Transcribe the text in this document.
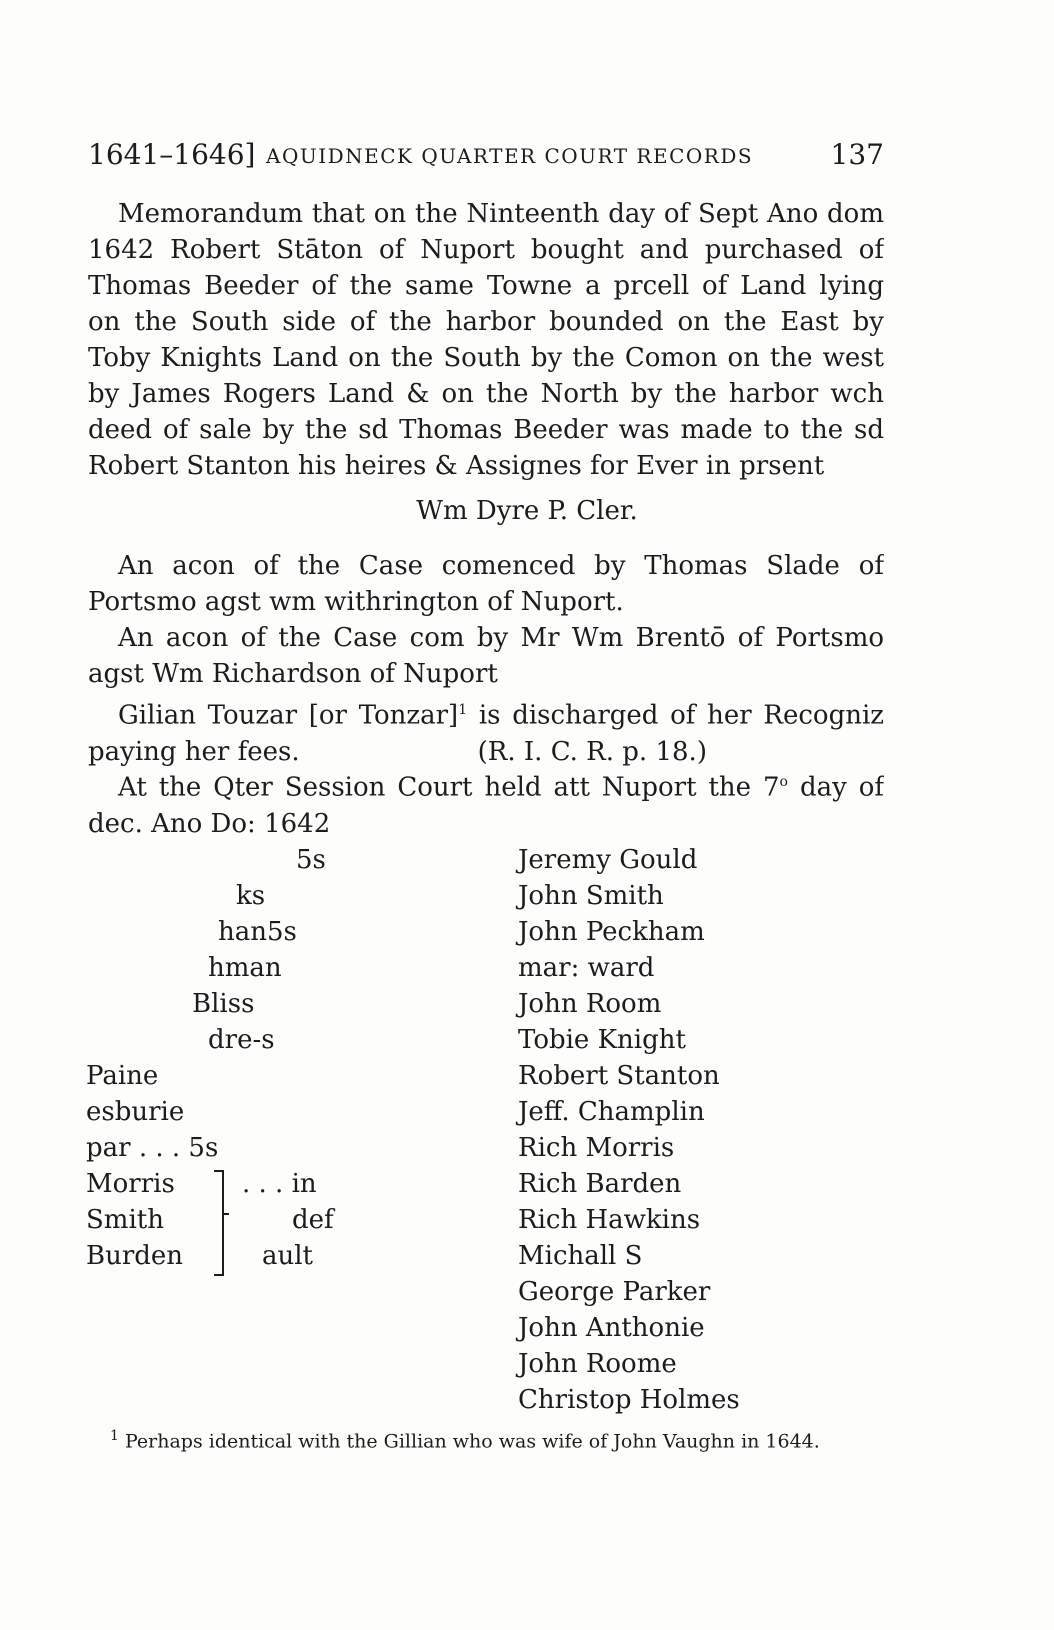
1641–1646] AQUIDNECK QUARTER COURT RECORDS	137
Memorandum that on the Ninteenth day of Sept Ano dom
1642 Robert Stāton of Nuport bought and purchased of
Thomas Beeder of the same Towne a prcell of Land lying
on the South side of the harbor bounded on the East by
Toby Knights Land on the South by the Comon on the west
by James Rogers Land & on the North by the harbor wch
deed of sale by the sd Thomas Beeder was made to the sd
Robert Stanton his heires & Assignes for Ever in prsent
Wm Dyre P. Cler.
An acon of the Case comenced by Thomas Slade of
Portsmo agst wm withrington of Nuport.
An acon of the Case com by Mr Wm Brentō of Portsmo
agst Wm Richardson of Nuport
Gilian Touzar [or Tonzar]$^1$ is discharged of her Recogniz
paying her fees.	(R. I. C. R. p. 18.)
At the Qter Session Court held att Nuport the 7$^o$ day of
dec. Ano Do: 1642
5s
ks
han5s
hman
Bliss
dre-s
Paine
esburie
par . . . 5s
Morris
Smith
Burden
. . . in
def
ault
Jeremy Gould
John Smith
John Peckham
mar: ward
John Room
Tobie Knight
Robert Stanton
Jeff. Champlin
Rich Morris
Rich Barden
Rich Hawkins
Michall S
George Parker
John Anthonie
John Roome
Christop Holmes
$^1$ Perhaps identical with the Gillian who was wife of John Vaughn in 1644.
